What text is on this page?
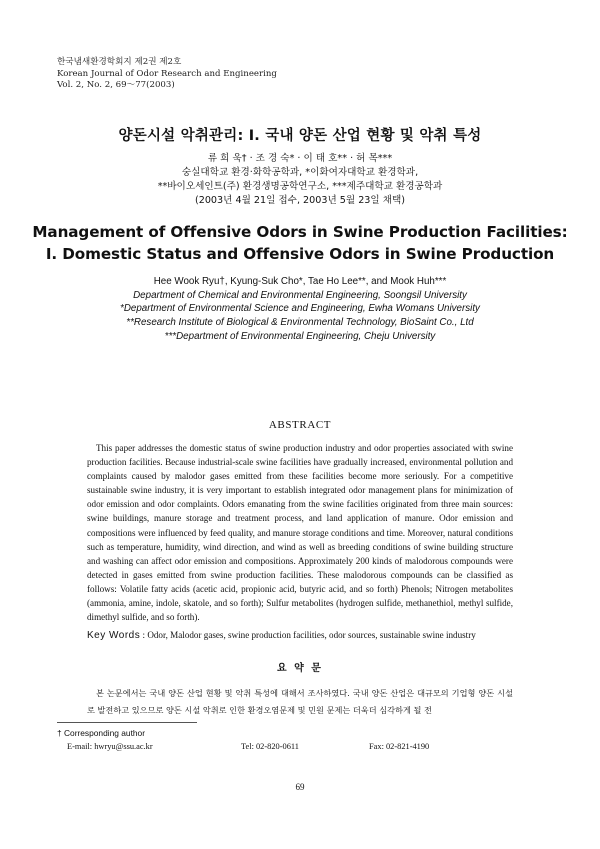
한국냄새환경학회지 제2권 제2호
Korean Journal of Odor Research and Engineering
Vol. 2, No. 2, 69～77(2003)
양돈시설 악취관리: I. 국내 양돈 산업 현황 및 악취 특성
류 희 욱† · 조 경 숙* · 이 태 호** · 허 목***
숭실대학교 환경·화학공학과, *이화여자대학교 환경학과,
**바이오세인트(주) 환경생명공학연구소, ***제주대학교 환경공학과
(2003년 4월 21일 접수, 2003년 5월 23일 채택)
Management of Offensive Odors in Swine Production Facilities:
I. Domestic Status and Offensive Odors in Swine Production
Hee Wook Ryu†, Kyung-Suk Cho*, Tae Ho Lee**, and Mook Huh***
Department of Chemical and Environmental Engineering, Soongsil University
*Department of Environmental Science and Engineering, Ewha Womans University
**Research Institute of Biological & Environmental Technology, BioSaint Co., Ltd
***Department of Environmental Engineering, Cheju University
ABSTRACT
This paper addresses the domestic status of swine production industry and odor properties associated with swine production facilities. Because industrial-scale swine facilities have gradually increased, environmental pollution and complaints caused by malodor gases emitted from these facilities become more seriously. For a competitive sustainable swine industry, it is very important to establish integrated odor management plans for minimization of odor emission and odor complaints. Odors emanating from the swine facilities originated from three main sources: swine buildings, manure storage and treatment process, and land application of manure. Odor emission and compositions were influenced by feed quality, and manure storage conditions and time. Moreover, natural conditions such as temperature, humidity, wind direction, and wind as well as breeding conditions of swine building structure and washing can affect odor emission and compositions. Approximately 200 kinds of malodorous compounds were detected in gases emitted from swine production facilities. These malodorous compounds can be classified as follows: Volatile fatty acids (acetic acid, propionic acid, butyric acid, and so forth) Phenols; Nitrogen metabolites (ammonia, amine, indole, skatole, and so forth); Sulfur metabolites (hydrogen sulfide, methanethiol, methyl sulfide, dimethyl sulfide, and so forth).
Key Words : Odor, Malodor gases, swine production facilities, odor sources, sustainable swine industry
요 약 문
본 논문에서는 국내 양돈 산업 현황 및 악취 특성에 대해서 조사하였다. 국내 양돈 산업은 대규모의 기업형 양돈 시설로 발전하고 있으므로 양돈 시설 악취로 인한 환경오염문제 및 민원 문제는 더욱더 심각하게 될 전
† Corresponding author
E-mail: hwryu@ssu.ac.kr	Tel: 02-820-0611	Fax: 02-821-4190
69
